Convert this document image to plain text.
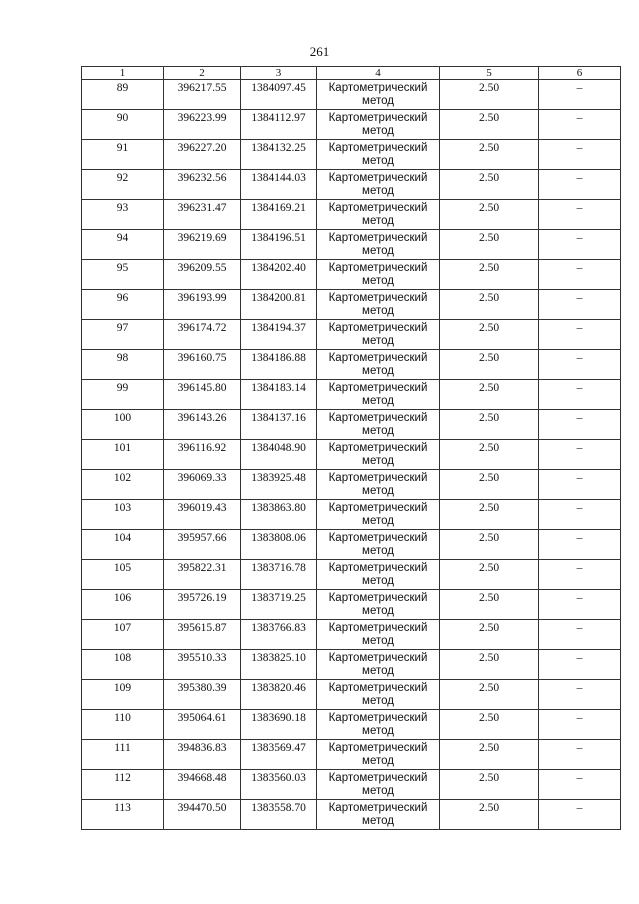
261
1	2	3	4	5	6
89	396217.55	1384097.45	Картометрический метод	2.50	–
90	396223.99	1384112.97	Картометрический метод	2.50	–
91	396227.20	1384132.25	Картометрический метод	2.50	–
92	396232.56	1384144.03	Картометрический метод	2.50	–
93	396231.47	1384169.21	Картометрический метод	2.50	–
94	396219.69	1384196.51	Картометрический метод	2.50	–
95	396209.55	1384202.40	Картометрический метод	2.50	–
96	396193.99	1384200.81	Картометрический метод	2.50	–
97	396174.72	1384194.37	Картометрический метод	2.50	–
98	396160.75	1384186.88	Картометрический метод	2.50	–
99	396145.80	1384183.14	Картометрический метод	2.50	–
100	396143.26	1384137.16	Картометрический метод	2.50	–
101	396116.92	1384048.90	Картометрический метод	2.50	–
102	396069.33	1383925.48	Картометрический метод	2.50	–
103	396019.43	1383863.80	Картометрический метод	2.50	–
104	395957.66	1383808.06	Картометрический метод	2.50	–
105	395822.31	1383716.78	Картометрический метод	2.50	–
106	395726.19	1383719.25	Картометрический метод	2.50	–
107	395615.87	1383766.83	Картометрический метод	2.50	–
108	395510.33	1383825.10	Картометрический метод	2.50	–
109	395380.39	1383820.46	Картометрический метод	2.50	–
110	395064.61	1383690.18	Картометрический метод	2.50	–
111	394836.83	1383569.47	Картометрический метод	2.50	–
112	394668.48	1383560.03	Картометрический метод	2.50	–
113	394470.50	1383558.70	Картометрический метод	2.50	–
